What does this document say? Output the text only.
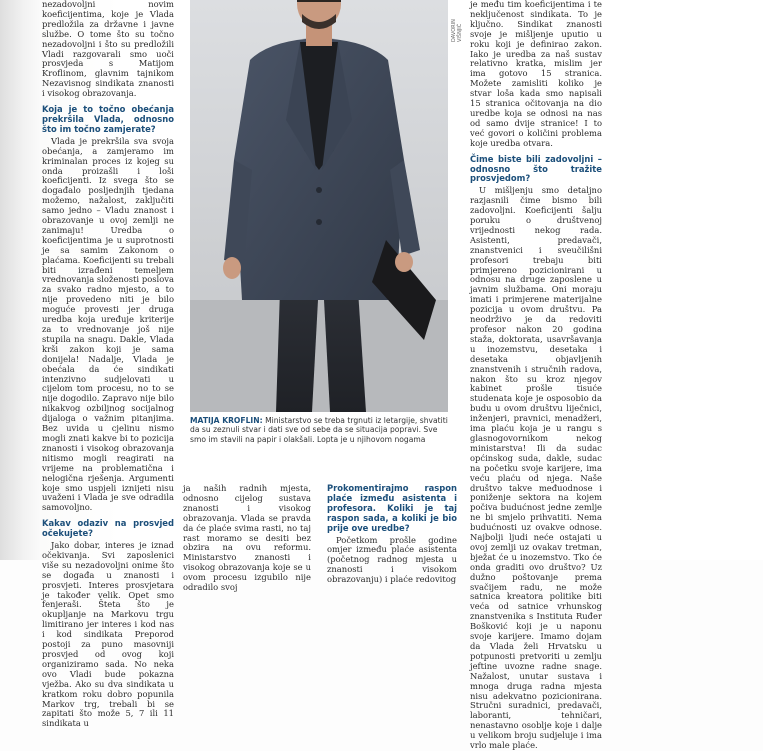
nezadovoljni novim koeficijentima, koje je Vlada predložila za državne i javne službe. O tome što su točno nezadovoljni i što su predložili Vladi razgovarali smo uoči prosvjeda s Matijom Kroflinom, glavnim tajnikom Nezavisnog sindikata znanosti i visokog obrazovanja.

Koja je to točno obećanja prekršila Vlada, odnosno što im točno zamjerate?

Vlada je prekršila sva svoja obećanja, a zamjeramo im kriminalan proces iz kojeg su onda proizašli i loši koeficijenti. Iz svega što se događalo posljednjih tjedana možemo, nažalost, zaključiti samo jedno – Vladu znanost i obrazovanje u ovoj zemlji ne zanimaju! Uredba o koeficijentima je u suprotnosti je sa samim Zakonom o plaćama. Koeficijenti su trebali biti izrađeni temeljem vrednovanja složenosti poslova za svako radno mjesto, a to nije provedeno niti je bilo moguće provesti jer druga uredba koja uređuje kriterije za to vrednovanje još nije stupila na snagu. Dakle, Vlada krši zakon koji je sama donijela! Nadalje, Vlada je obećala da će sindikati intenzivno sudjelovati u cijelom tom procesu, no to se nije dogodilo. Zapravo nije bilo nikakvog ozbiljnog socijalnog dijaloga o važnim pitanjima. Bez uvida u cjelinu nismo mogli znati kakve bi to pozicija znanosti i visokog obrazovanja nitismo mogli reagirati na vrijeme na problematična i nelogična rješenja. Argumenti koje smo uspjeli iznijeti nisu uvaženi i Vlada je sve odradila samovoljno.

Kakav odaziv na prosvjed očekujete?

Jako dobar, interes je iznad očekivanja. Svi zaposlenici više su nezadovoljni onime što se događa u znanosti i prosvjeti. Interes prosvjetara je također velik. Opet smo fenjeraši. Šteta što je okupljanje na Markovu trgu limitirano jer interes i kod nas i kod sindikata Preporod postoji za puno masovniji prosvjed od ovog koji organiziramo sada. No neka ovo Vladi bude pokazna vježba. Ako su dva sindikata u kratkom roku dobro popunila Markov trg, trebali bi se zapitati što može 5, 7 ili 11 sindikata u

DAVORIN VIŠNJIĆ
MATIJA KROFLIN: Ministarstvo se treba trgnuti iz letargije, shvatiti da su zeznuli stvar i dati sve od sebe da se situacija popravi. Sve smo im stavili na papir i olakšali. Lopta je u njihovom nogama

ja naših radnih mjesta, odnosno cijelog sustava znanosti i visokog obrazovanja. Vlada se pravda da će plaće svima rasti, no taj rast moramo se desiti bez obzira na ovu reformu. Ministarstvo znanosti i visokog obrazovanja koje se u ovom procesu izgubilo nije odradilo svoj

Prokomentirajmo raspon plaće između asistenta i profesora. Koliki je taj raspon sada, a koliki je bio prije ove uredbe?

Početkom prošle godine omjer između plaće asistenta (početnog radnog mjesta u znanosti i visokom obrazovanju) i plaće redovitog

je među tim koeficijentima i te neključenost sindikata. To je ključno. Sindikat znanosti svoje je mišljenje uputio u roku koji je definirao zakon. Iako je uredba za naš sustav relativno kratka, mislim jer ima gotovo 15 stranica. Možete zamisliti koliko je stvar loša kada smo napisali 15 stranica očitovanja na dio uredbe koja se odnosi na nas od samo dvije stranice! I to već govori o količini problema koje uredba otvara.

Čime biste bili zadovoljni – odnosno što tražite prosvjedom?

U mišljenju smo detaljno razjasnili čime bismo bili zadovoljni. Koeficijenti šalju poruku o društvenoj vrijednosti nekog rada. Asistenti, predavači, znanstvenici i sveučilišni profesori trebaju biti primjereno pozicionirani u odnosu na druge zaposlene u javnim službama. Oni moraju imati i primjerene materijalne pozicija u ovom društvu. Pa neodrživo je da redoviti profesor nakon 20 godina staža, doktorata, usavršavanja u inozemstvu, desetaka i desetaka objavljenih znanstvenih i stručnih radova, nakon što su kroz njegov kabinet prošle tisuće studenata koje je osposobio da budu u ovom društvu liječnici, inženjeri, pravnici, menadžeri, ima plaću koja je u rangu s glasnogovornikom nekog ministarstva! Ili da sudac općinskog suda, dakle, sudac na početku svoje karijere, ima veću plaću od njega. Naše društvo takve međuodnose i poniženje sektora na kojem počiva budućnost jedne zemlje ne bi smjelo prihvatiti. Nema budućnosti uz ovakve odnose. Najbolji ljudi neće ostajati u ovoj zemlji uz ovakav tretman, bježat će u inozemstvo. Tko će onda graditi ovo društvo? Uz dužno poštovanje prema svačijem radu, ne može satnica kreatora politike biti veća od satnice vrhunskog znanstvenika s Instituta Ruđer Bošković koji je u naponu svoje karijere. Imamo dojam da Vlada želi Hrvatsku u potpunosti pretvoriti u zemlju jeftine uvozne radne snage. Nažalost, unutar sustava i mnoga druga radna mjesta nisu adekvatno pozicionirana. Stručni suradnici, predavači, laboranti, tehničari, nenastavno osoblje koje i dalje u velikom broju sudjeluje i ima vrlo male plaće.
